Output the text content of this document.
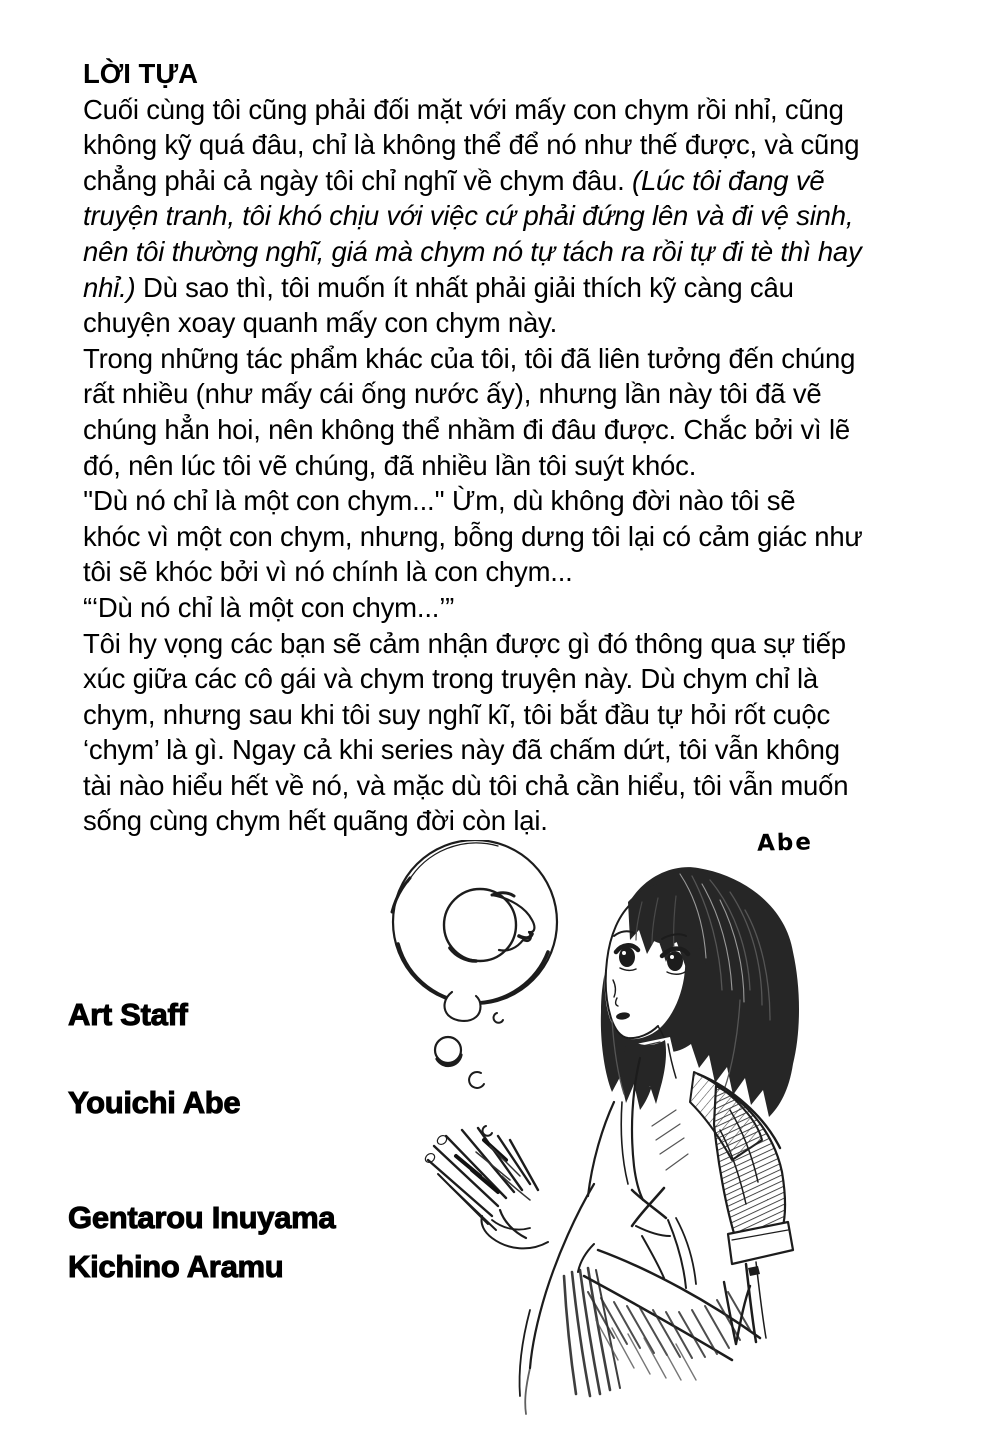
LỜI TỰA
Cuối cùng tôi cũng phải đối mặt với mấy con chym rồi nhỉ, cũng
không kỹ quá đâu, chỉ là không thể để nó như thế được, và cũng
chẳng phải cả ngày tôi chỉ nghĩ về chym đâu. (Lúc tôi đang vẽ
truyện tranh, tôi khó chịu với việc cứ phải đứng lên và đi vệ sinh,
nên tôi thường nghĩ, giá mà chym nó tự tách ra rồi tự đi tè thì hay
nhỉ.) Dù sao thì, tôi muốn ít nhất phải giải thích kỹ càng câu
chuyện xoay quanh mấy con chym này.
Trong những tác phẩm khác của tôi, tôi đã liên tưởng đến chúng
rất nhiều (như mấy cái ống nước ấy), nhưng lần này tôi đã vẽ
chúng hẳn hoi, nên không thể nhầm đi đâu được. Chắc bởi vì lẽ
đó, nên lúc tôi vẽ chúng, đã nhiều lần tôi suýt khóc.
''Dù nó chỉ là một con chym...'' Ừm, dù không đời nào tôi sẽ
khóc vì một con chym, nhưng, bỗng dưng tôi lại có cảm giác như
tôi sẽ khóc bởi vì nó chính là con chym...
“‘Dù nó chỉ là một con chym...’”
Tôi hy vọng các bạn sẽ cảm nhận được gì đó thông qua sự tiếp
xúc giữa các cô gái và chym trong truyện này. Dù chym chỉ là
chym, nhưng sau khi tôi suy nghĩ kĩ, tôi bắt đầu tự hỏi rốt cuộc
‘chym’ là gì. Ngay cả khi series này đã chấm dứt, tôi vẫn không
tài nào hiểu hết về nó, và mặc dù tôi chả cần hiểu, tôi vẫn muốn
sống cùng chym hết quãng đời còn lại.
Abe
Art Staff
Youichi Abe
Gentarou Inuyama
Kichino Aramu
